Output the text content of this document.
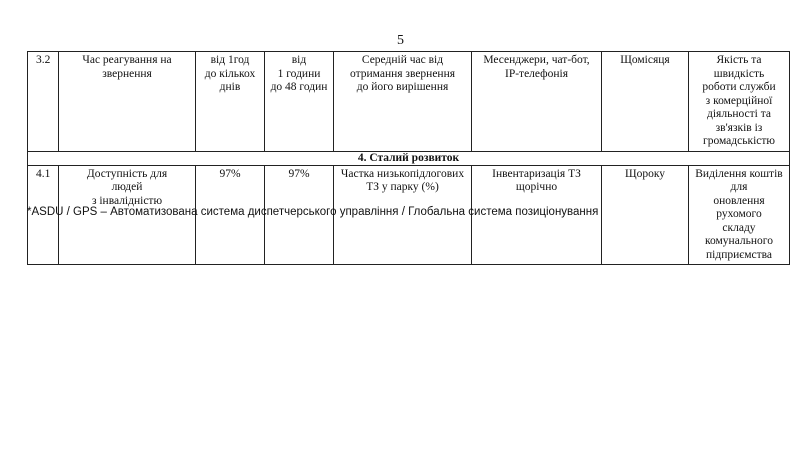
5
3.2	Час реагування на
звернення	від 1год
до кількох
днів	від
1 години
до 48 годин	Середній час від
отримання звернення
до його вирішення	Месенджери, чат-бот,
IP-телефонія	Щомісяця	Якість та швидкість
роботи служби
з комерційної
діяльності та зв'язків із
громадськістю

4. Сталий розвиток							
4.1	Доступність для
людей
з інвалідністю	97%	97%	Частка низькопідлогових
ТЗ у парку (%)	Інвентаризація ТЗ
щорічно	Щороку	Виділення коштів для
оновлення рухомого
складу комунального
підприємства
*ASDU / GPS – Автоматизована система диспетчерського управління / Глобальна система позиціонування
